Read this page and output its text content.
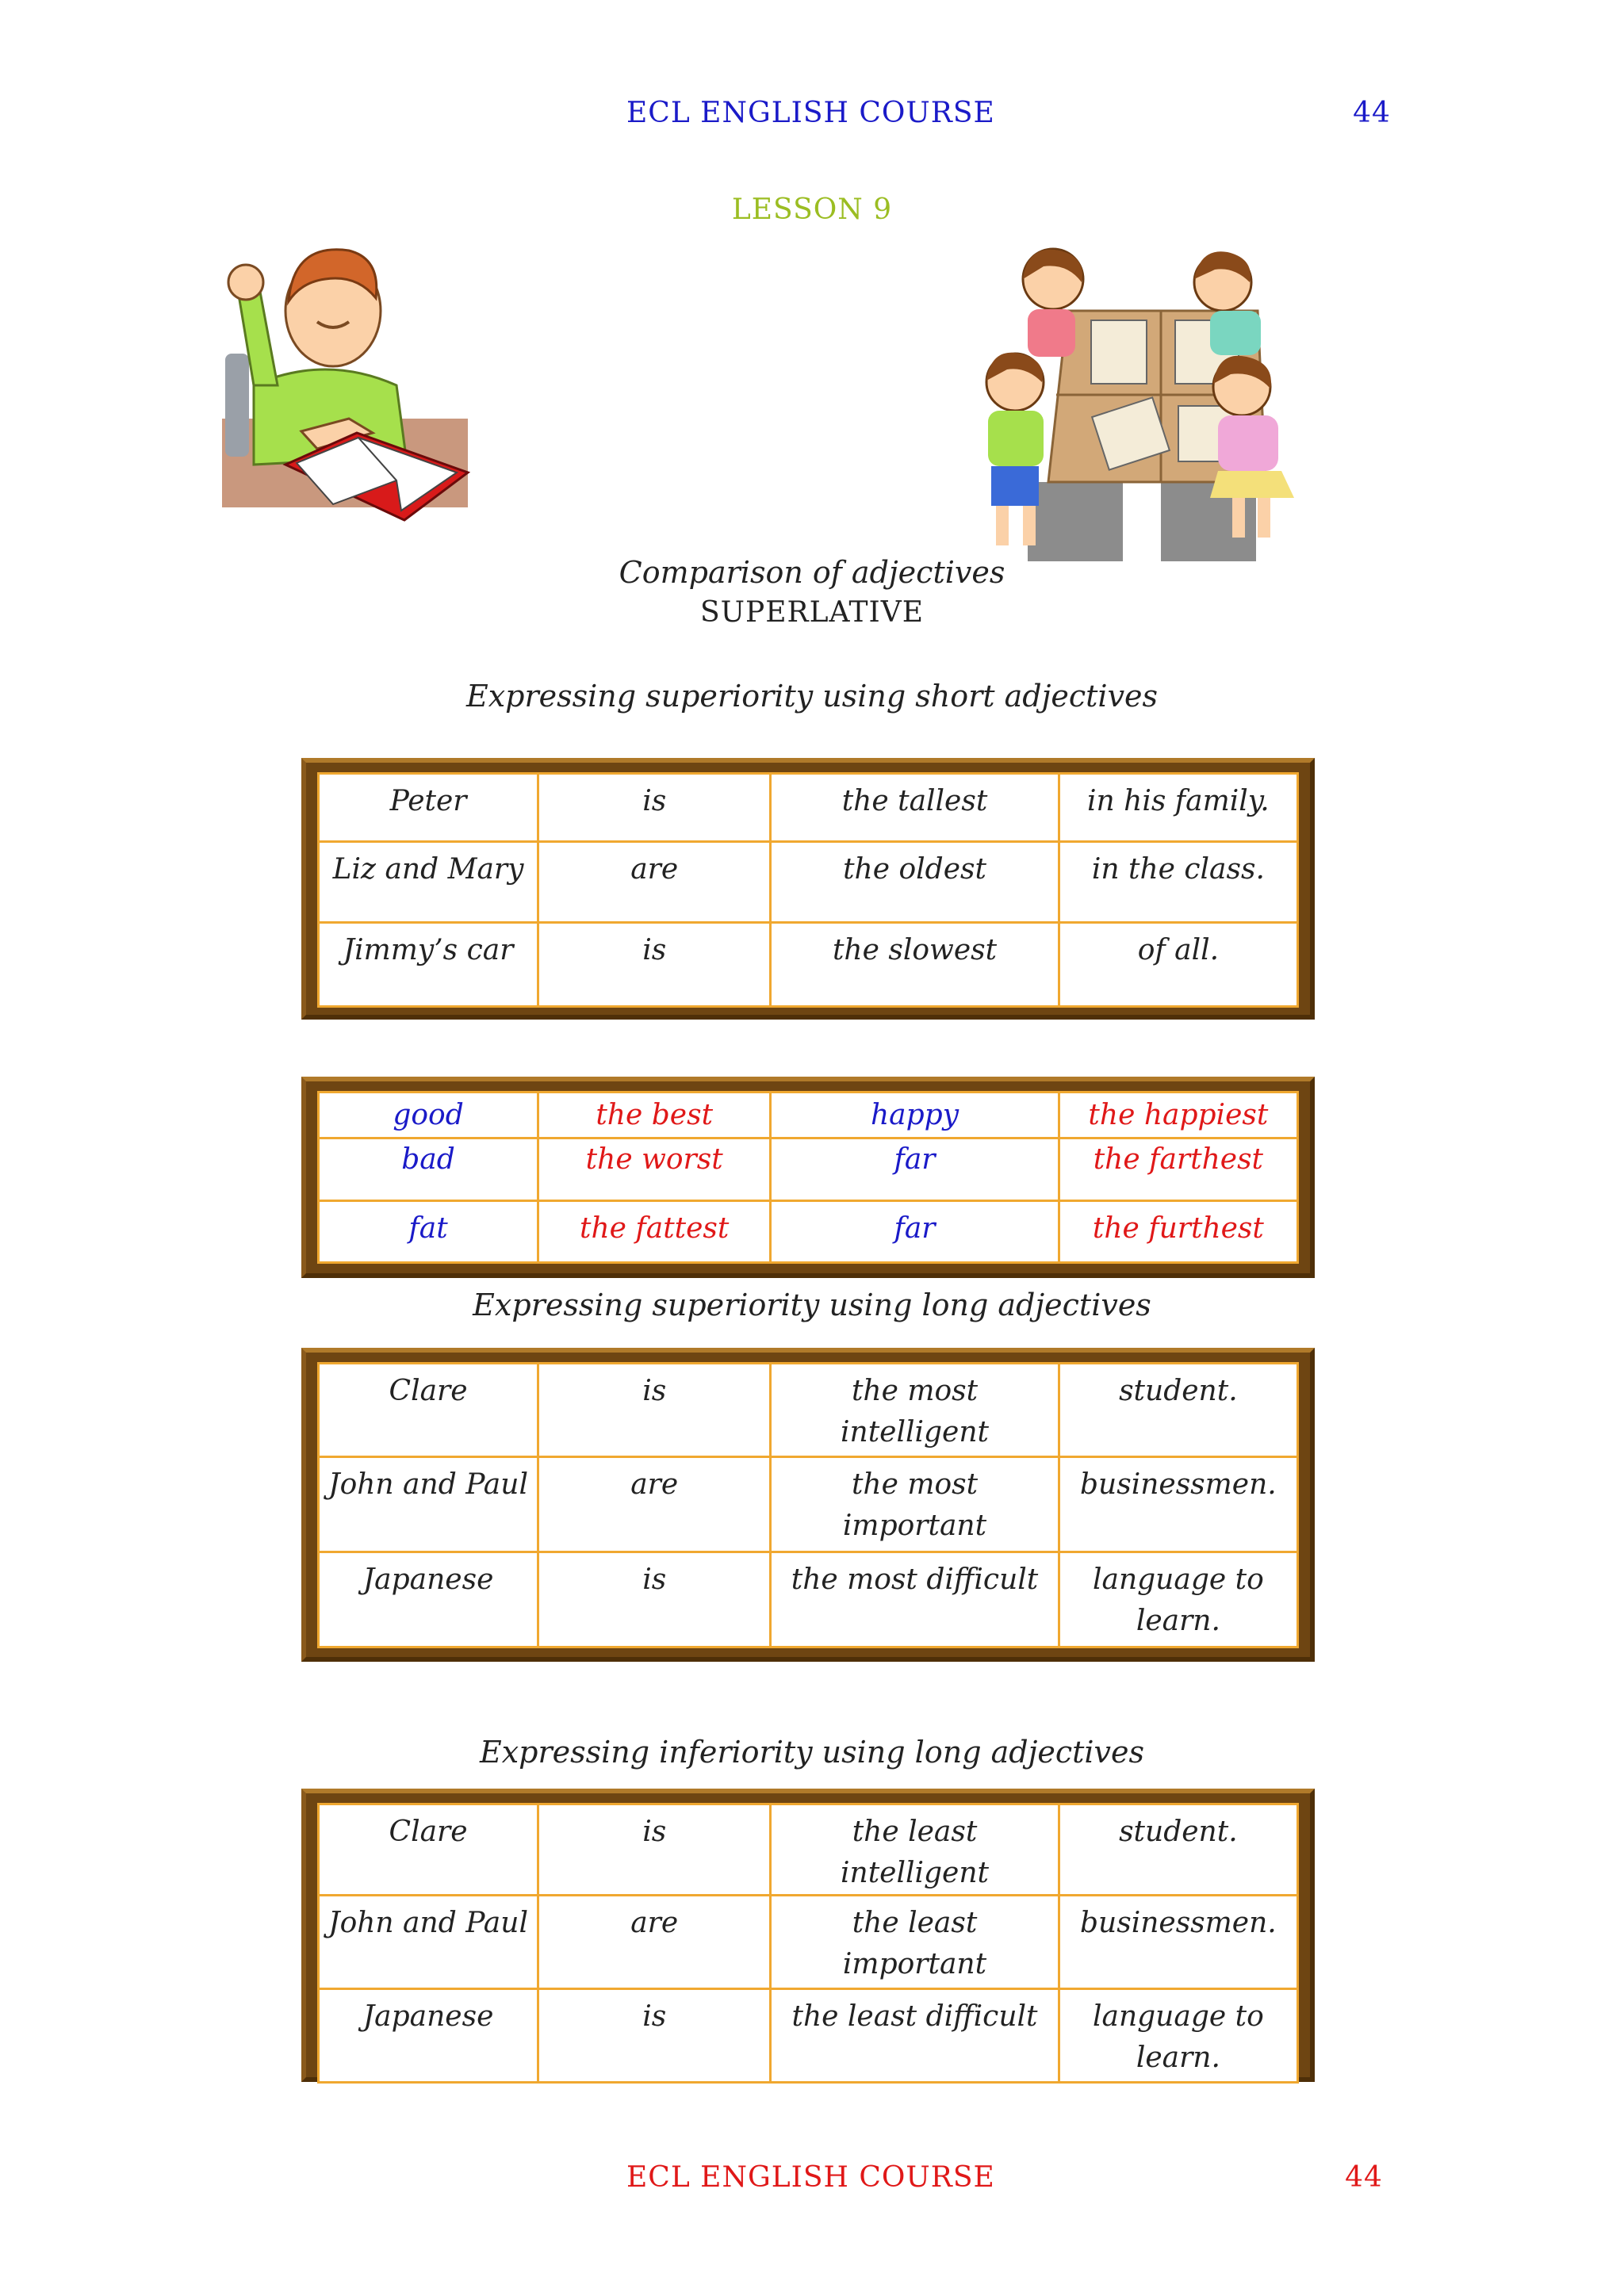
ECL ENGLISH COURSE	44
LESSON 9
Comparison of adjectives
SUPERLATIVE
Expressing superiority using short adjectives
Peter	is	the tallest	in his family.
Liz and Mary	are	the oldest	in the class.
Jimmy’s car	is	the slowest	of all.
good	the best	happy	the happiest
bad	the worst	far	the farthest
fat	the fattest	far	the furthest
Expressing superiority using long adjectives
Clare	is	the most intelligent	student.
John and Paul	are	the most important	businessmen.
Japanese	is	the most difficult	language to learn.
Expressing inferiority using long adjectives
Clare	is	the least intelligent	student.
John and Paul	are	the least important	businessmen.
Japanese	is	the least difficult	language to learn.
ECL ENGLISH COURSE	44
